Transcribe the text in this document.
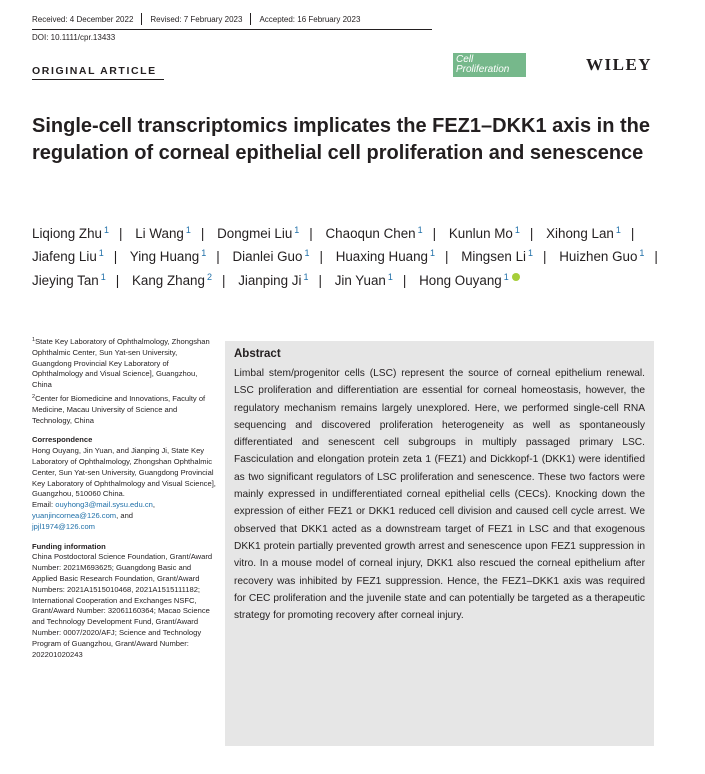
Received: 4 December 2022 Revised: 7 February 2023 Accepted: 16 February 2023
DOI: 10.1111/cpr.13433
ORIGINAL ARTICLE
Cell
Proliferation	WILEY
Single-cell transcriptomics implicates the FEZ1–DKK1 axis in the regulation of corneal epithelial cell proliferation and senescence
Liqiong Zhu $^1$ | Li Wang $^1$ | Dongmei Liu $^1$ | Chaoqun Chen $^1$ | Kunlun Mo $^1$ | Xihong Lan $^1$ | Jiafeng Liu $^1$ | Ying Huang $^1$ | Dianlei Guo $^1$ | Huaxing Huang $^1$ | Mingsen Li $^1$ | Huizhen Guo $^1$ | Jieying Tan $^1$ | Kang Zhang $^2$ | Jianping Ji $^1$ | Jin Yuan $^1$ | Hong Ouyang $^1$

$^1$State Key Laboratory of Ophthalmology, Zhongshan Ophthalmic Center, Sun Yat-sen University, Guangdong Provincial Key Laboratory of Ophthalmology and Visual Science], Guangzhou, China

$^2$Center for Biomedicine and Innovations, Faculty of Medicine, Macau University of Science and Technology, China

Correspondence

Hong Ouyang, Jin Yuan, and Jianping Ji, State Key Laboratory of Ophthalmology, Zhongshan Ophthalmic Center, Sun Yat-sen University, Guangdong Provincial Key Laboratory of Ophthalmology and Visual Science], Guangzhou, 510060 China.

Email: ouyhong3@mail.sysu.edu.cn,
yuanjincornea@126.com, and
jpjl1974@126.com

Funding information

China Postdoctoral Science Foundation, Grant/Award Number: 2021M693625; Guangdong Basic and Applied Basic Research Foundation, Grant/Award Numbers: 2021A1515010468, 2021A1515111182; International Cooperation and Exchanges NSFC, Grant/Award Number: 32061160364; Macao Science and Technology Development Fund, Grant/Award Number: 0007/2020/AFJ; Science and Technology Program of Guangzhou, Grant/Award Number: 202201020243

Abstract

Limbal stem/progenitor cells (LSC) represent the source of corneal epithelium renewal. LSC proliferation and differentiation are essential for corneal homeostasis, however, the regulatory mechanism remains largely unexplored. Here, we performed single-cell RNA sequencing and discovered proliferation heterogeneity as well as spontaneously differentiated and senescent cell subgroups in multiply passaged primary LSC. Fasciculation and elongation protein zeta 1 (FEZ1) and Dickkopf-1 (DKK1) were identified as two significant regulators of LSC proliferation and senescence. These two factors were mainly expressed in undifferentiated corneal epithelial cells (CECs). Knocking down the expression of either FEZ1 or DKK1 reduced cell division and caused cell cycle arrest. We observed that DKK1 acted as a downstream target of FEZ1 in LSC and that exogenous DKK1 protein partially prevented growth arrest and senescence upon FEZ1 suppression in vitro. In a mouse model of corneal injury, DKK1 also rescued the corneal epithelium after recovery was inhibited by FEZ1 suppression. Hence, the FEZ1–DKK1 axis was required for CEC proliferation and the juvenile state and can potentially be targeted as a therapeutic strategy for promoting recovery after corneal injury.
